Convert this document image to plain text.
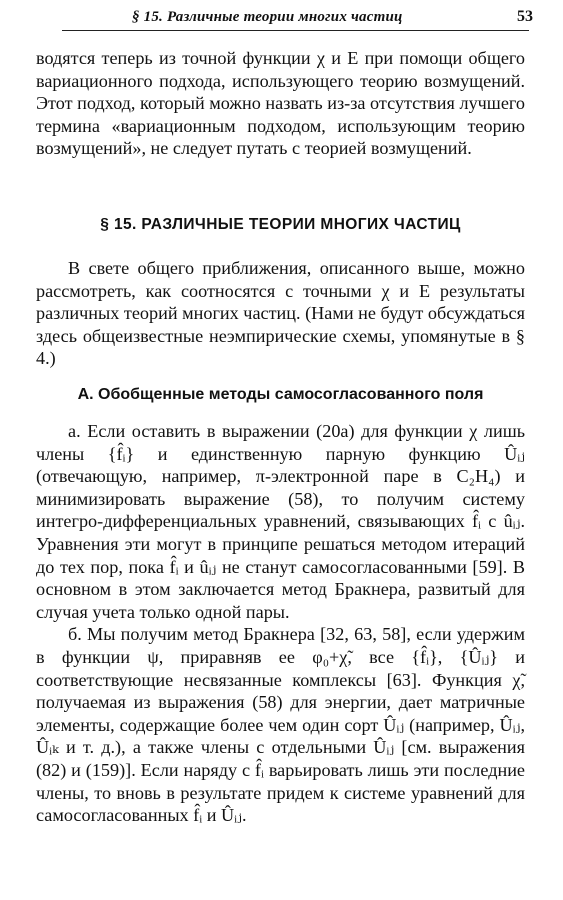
§ 15. Различные теории многих частиц	53

водятся теперь из точной функции χ и E при помощи общего вариационного подхода, использующего теорию возмущений. Этот подход, который можно назвать из-за отсутствия лучшего термина «вариационным подходом, использующим теорию возмущений», не следует путать с теорией возмущений.

§ 15. РАЗЛИЧНЫЕ ТЕОРИИ МНОГИХ ЧАСТИЦ

В свете общего приближения, описанного выше, можно рассмотреть, как соотносятся с точными χ и E результаты различных теорий многих частиц. (Нами не будут обсуждаться здесь общеизвестные неэмпирические схемы, упомянутые в § 4.)

А. Обобщенные методы самосогласованного поля

а. Если оставить в выражении (20а) для функции χ лишь члены {f̂ᵢ} и единственную парную функцию Ûᵢⱼ (отвечающую, например, π-электронной паре в C₂H₄) и минимизировать выражение (58), то получим систему интегро-дифференциальных уравнений, связывающих f̂ᵢ с ûᵢⱼ. Уравнения эти могут в принципе решаться методом итераций до тех пор, пока f̂ᵢ и ûᵢⱼ не станут самосогласованными [59]. В основном в этом заключается метод Бракнера, развитый для случая учета только одной пары.

б. Мы получим метод Бракнера [32, 63, 58], если удержим в функции ψ, приравняв ее φ₀+χ̃, все {f̂ᵢ}, {Ûᵢⱼ} и соответствующие несвязанные комплексы [63]. Функция χ̃, получаемая из выражения (58) для энергии, дает матричные элементы, содержащие более чем один сорт Ûᵢⱼ (например, Ûᵢⱼ, Ûᵢₖ и т. д.), а также члены с отдельными Ûᵢⱼ [см. выражения (82) и (159)]. Если наряду с f̂ᵢ варьировать лишь эти последние члены, то вновь в результате придем к системе уравнений для самосогласованных f̂ᵢ и Ûᵢⱼ.
